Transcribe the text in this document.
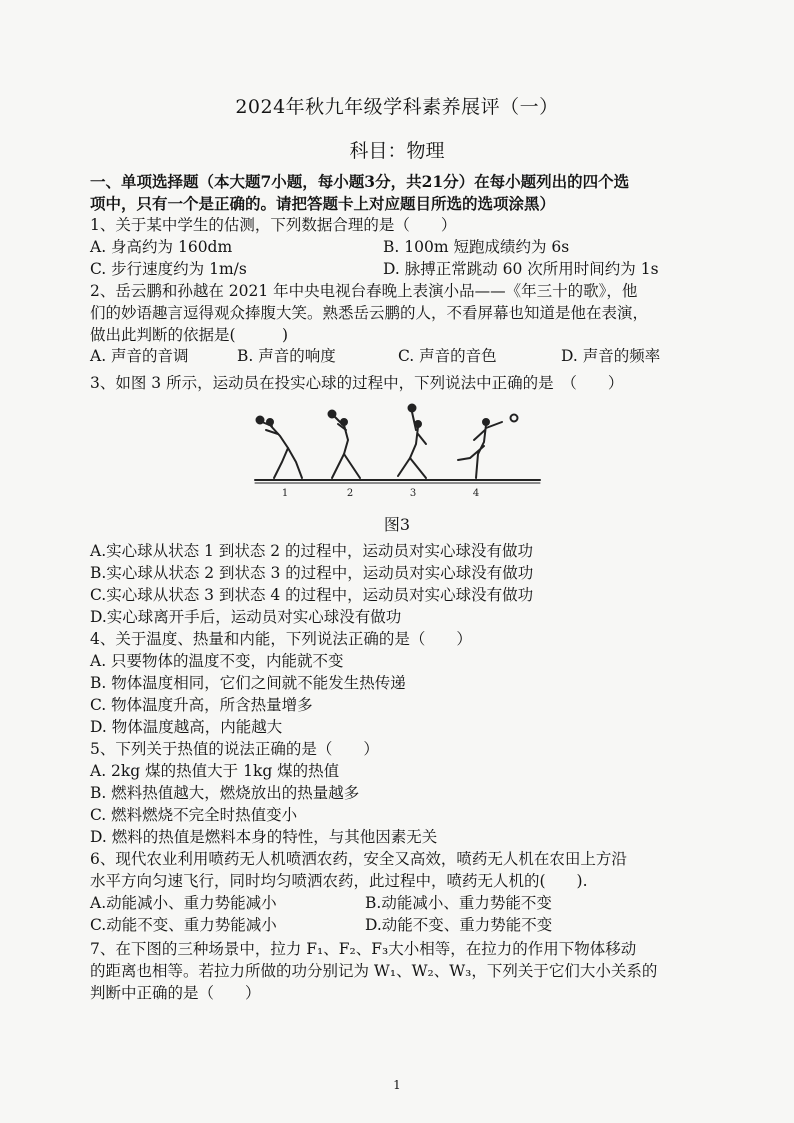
2024年秋九年级学科素养展评（一）
科目：物理
一、单项选择题（本大题7小题，每小题3分，共21分）在每小题列出的四个选
项中，只有一个是正确的。请把答题卡上对应题目所选的选项涂黑）
1、关于某中学生的估测，下列数据合理的是（　　）
A. 身高约为 160dm	B. 100m 短跑成绩约为 6s
C. 步行速度约为 1m/s	D. 脉搏正常跳动 60 次所用时间约为 1s
2、岳云鹏和孙越在 2021 年中央电视台春晚上表演小品——《年三十的歌》，他
们的妙语趣言逗得观众捧腹大笑。熟悉岳云鹏的人，不看屏幕也知道是他在表演，
做出此判断的依据是(　　　)
A. 声音的音调	B. 声音的响度	C. 声音的音色	D. 声音的频率
3、如图 3 所示，运动员在投实心球的过程中，下列说法中正确的是　（　　）
1	2	3	4
图3
A.实心球从状态 1 到状态 2 的过程中，运动员对实心球没有做功
B.实心球从状态 2 到状态 3 的过程中，运动员对实心球没有做功
C.实心球从状态 3 到状态 4 的过程中，运动员对实心球没有做功
D.实心球离开手后，运动员对实心球没有做功
4、关于温度、热量和内能，下列说法正确的是（　　）
A. 只要物体的温度不变，内能就不变
B. 物体温度相同，它们之间就不能发生热传递
C. 物体温度升高，所含热量增多
D. 物体温度越高，内能越大
5、下列关于热值的说法正确的是（　　）
A. 2kg 煤的热值大于 1kg 煤的热值
B. 燃料热值越大，燃烧放出的热量越多
C. 燃料燃烧不完全时热值变小
D. 燃料的热值是燃料本身的特性，与其他因素无关
6、现代农业利用喷药无人机喷洒农药，安全又高效，喷药无人机在农田上方沿
水平方向匀速飞行，同时均匀喷洒农药，此过程中，喷药无人机的(　　).
A.动能减小、重力势能减小	B.动能减小、重力势能不变
C.动能不变、重力势能减小	D.动能不变、重力势能不变
7、在下图的三种场景中，拉力 F₁、F₂、F₃大小相等，在拉力的作用下物体移动
的距离也相等。若拉力所做的功分别记为 W₁、W₂、W₃，下列关于它们大小关系的
判断中正确的是（　　）
1
